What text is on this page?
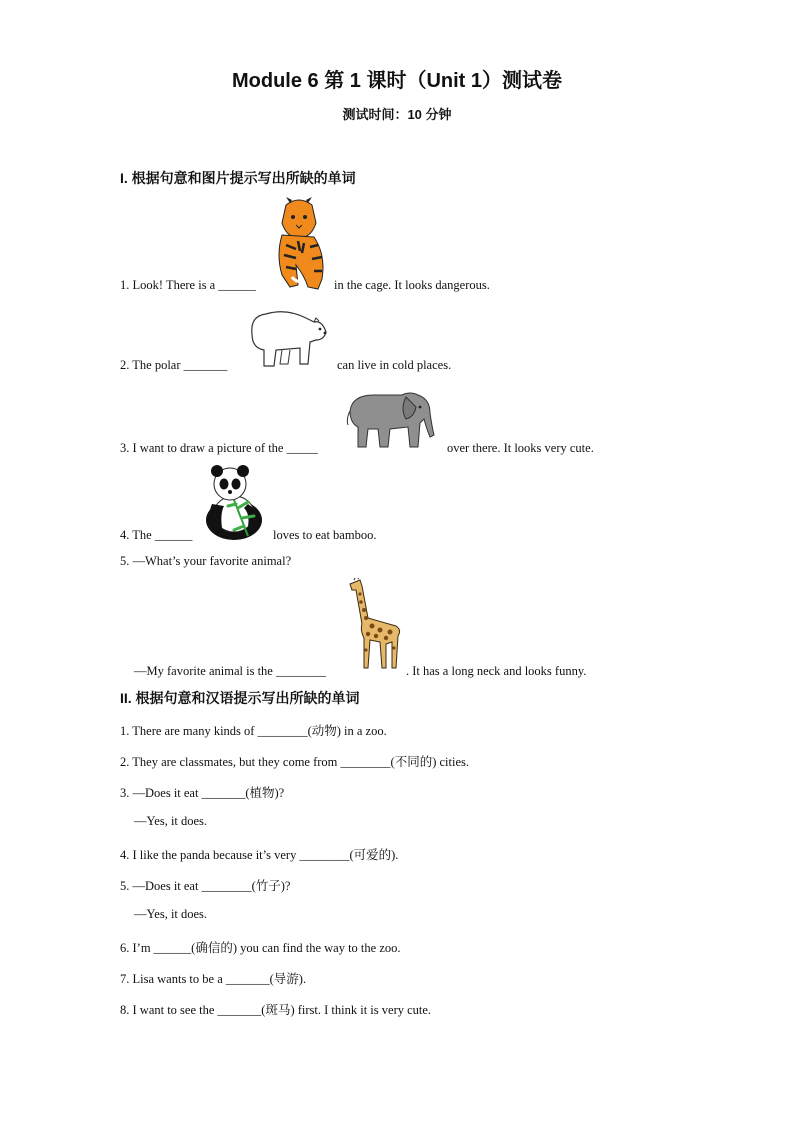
Module 6 第 1 课时（Unit 1）测试卷
测试时间：10 分钟
I. 根据句意和图片提示写出所缺的单词
1. Look! There is a ______	in the cage. It looks dangerous.
2. The polar _______	can live in cold places.
3. I want to draw a picture of the _____	over there. It looks very cute.
4. The ______	loves to eat bamboo.
5. —What’s your favorite animal?
—My favorite animal is the ________	. It has a long neck and looks funny.
II. 根据句意和汉语提示写出所缺的单词
1. There are many kinds of ________(动物) in a zoo.
2. They are classmates, but they come from ________(不同的) cities.
3. —Does it eat _______(植物)?
—Yes, it does.
4. I like the panda because it’s very ________(可爱的).
5. —Does it eat ________(竹子)?
—Yes, it does.
6. I’m ______(确信的) you can find the way to the zoo.
7. Lisa wants to be a _______(导游).
8. I want to see the _______(斑马) first. I think it is very cute.
